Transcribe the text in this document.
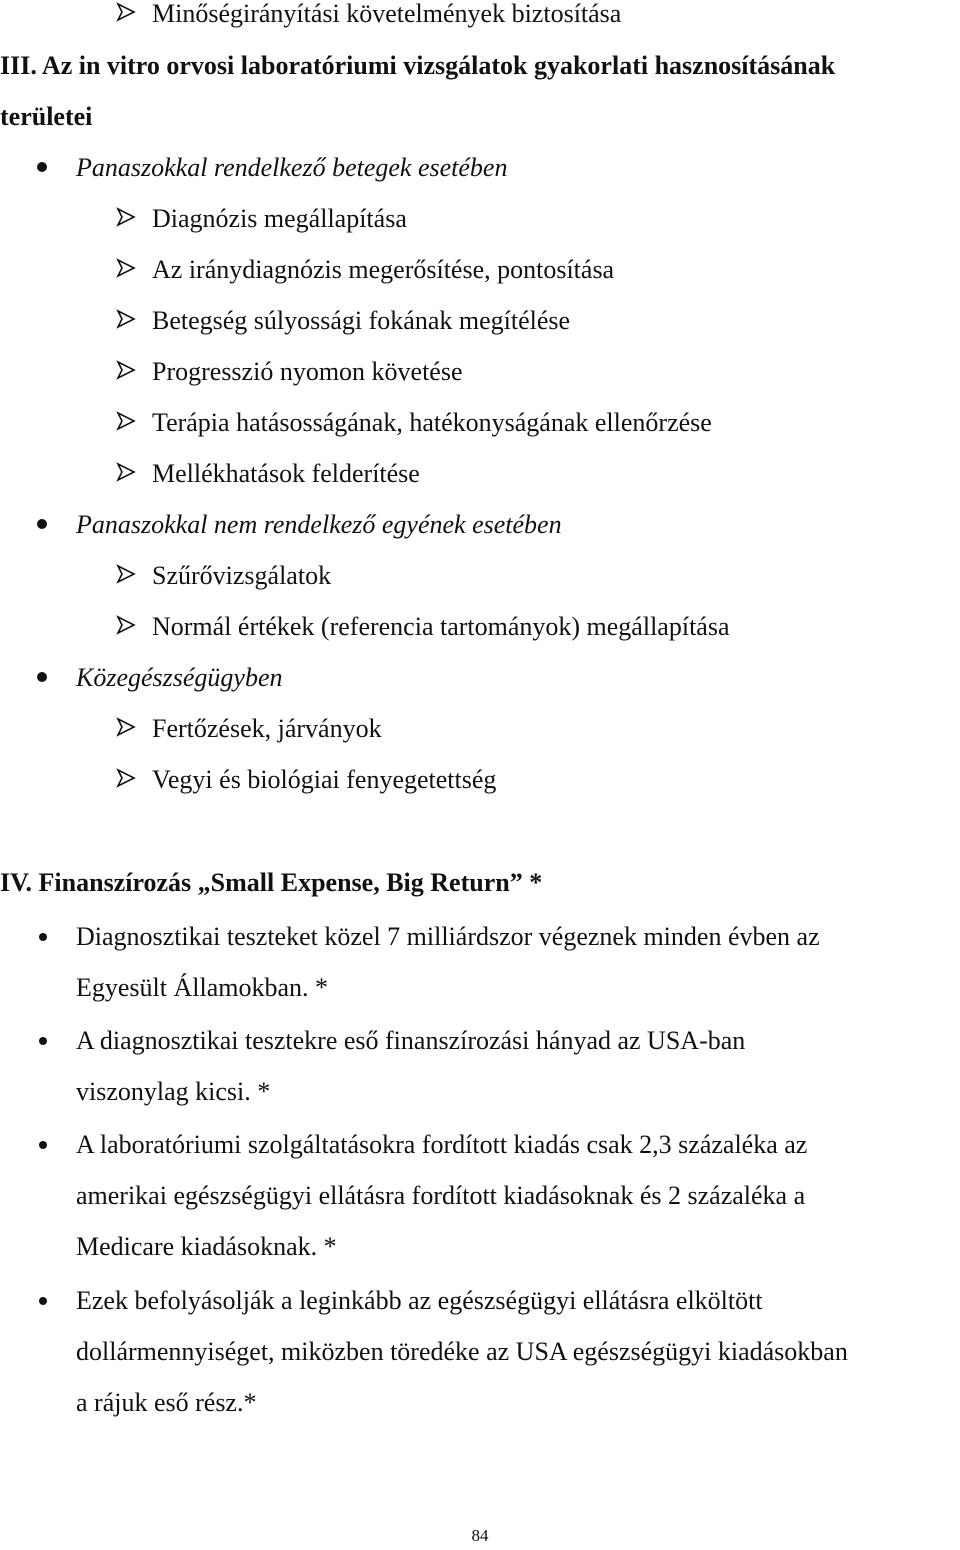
Minőségirányítási követelmények biztosítása
III. Az in vitro orvosi laboratóriumi vizsgálatok gyakorlati hasznosításának
területei
Panaszokkal rendelkező betegek esetében
Diagnózis megállapítása
Az iránydiagnózis megerősítése, pontosítása
Betegség súlyossági fokának megítélése
Progresszió nyomon követése
Terápia hatásosságának, hatékonyságának ellenőrzése
Mellékhatások felderítése
Panaszokkal nem rendelkező egyének esetében
Szűrővizsgálatok
Normál értékek (referencia tartományok) megállapítása
Közegészségügyben
Fertőzések, járványok
Vegyi és biológiai fenyegetettség
IV. Finanszírozás „Small Expense, Big Return” *
Diagnosztikai teszteket közel 7 milliárdszor végeznek minden évben az
Egyesült Államokban. *
A diagnosztikai tesztekre eső finanszírozási hányad az USA-ban
viszonylag kicsi. *
A laboratóriumi szolgáltatásokra fordított kiadás csak 2,3 százaléka az
amerikai egészségügyi ellátásra fordított kiadásoknak és 2 százaléka a
Medicare kiadásoknak. *
Ezek befolyásolják a leginkább az egészségügyi ellátásra elköltött
dollármennyiséget, miközben töredéke az USA egészségügyi kiadásokban
a rájuk eső rész.*
84
